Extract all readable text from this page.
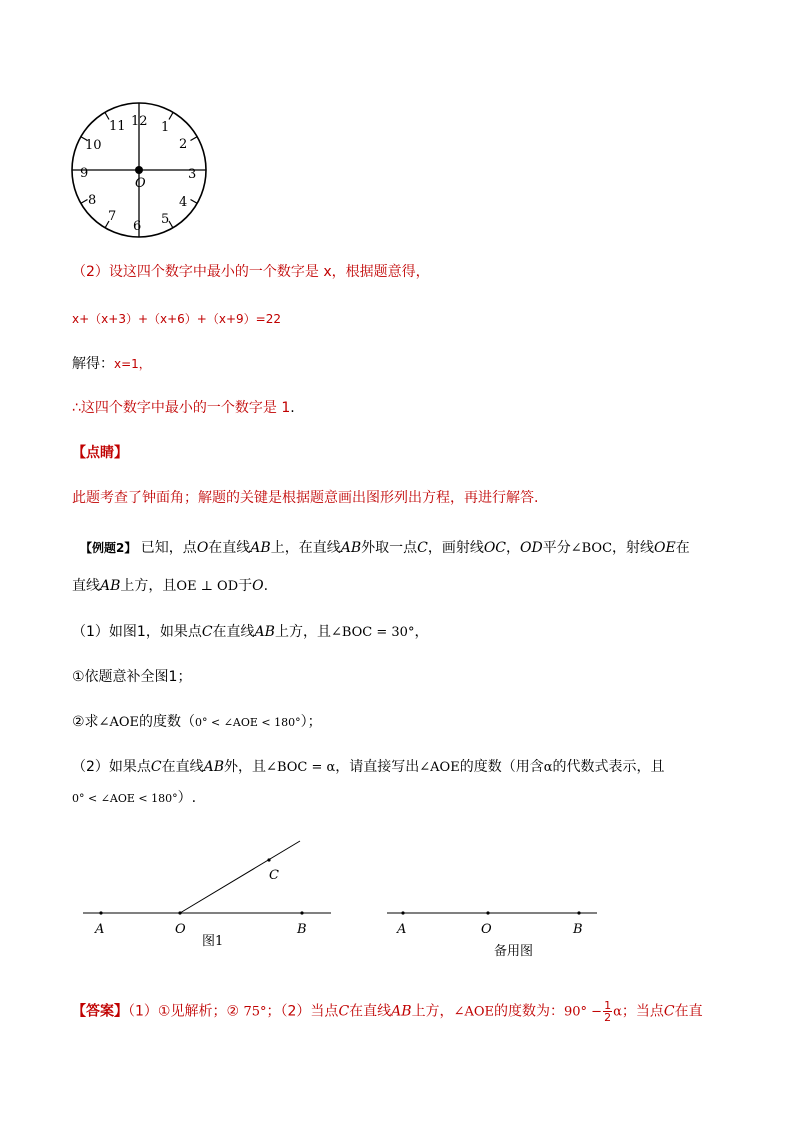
12 1
2
3
4
5
6
7
8
9
10
11
O
（2）设这四个数字中最小的一个数字是 x，根据题意得，
x+（x+3）+（x+6）+（x+9）=22
解得：x=1，
∴这四个数字中最小的一个数字是 1.
【点睛】
此题考查了钟面角；解题的关键是根据题意画出图形列出方程，再进行解答.
【例题2】 已知，点O在直线AB上，在直线AB外取一点C，画射线OC，OD平分∠BOC，射线OE在
直线AB上方，且OE ⊥ OD于O.
（1）如图1，如果点C在直线AB上方，且∠BOC = 30°，
①依题意补全图1；
②求∠AOE的度数（0° < ∠AOE < 180°）；
（2）如果点C在直线AB外，且∠BOC = α，请直接写出∠AOE的度数（用含α的代数式表示，且
0° < ∠AOE < 180°）.
A	O	B
C
图1
A	O	B
备用图
【答案】（1）①见解析；② 75°；（2）当点C在直线AB上方，∠AOE的度数为：$90^\circ - \frac{1}{2}$ α；当点C在直
